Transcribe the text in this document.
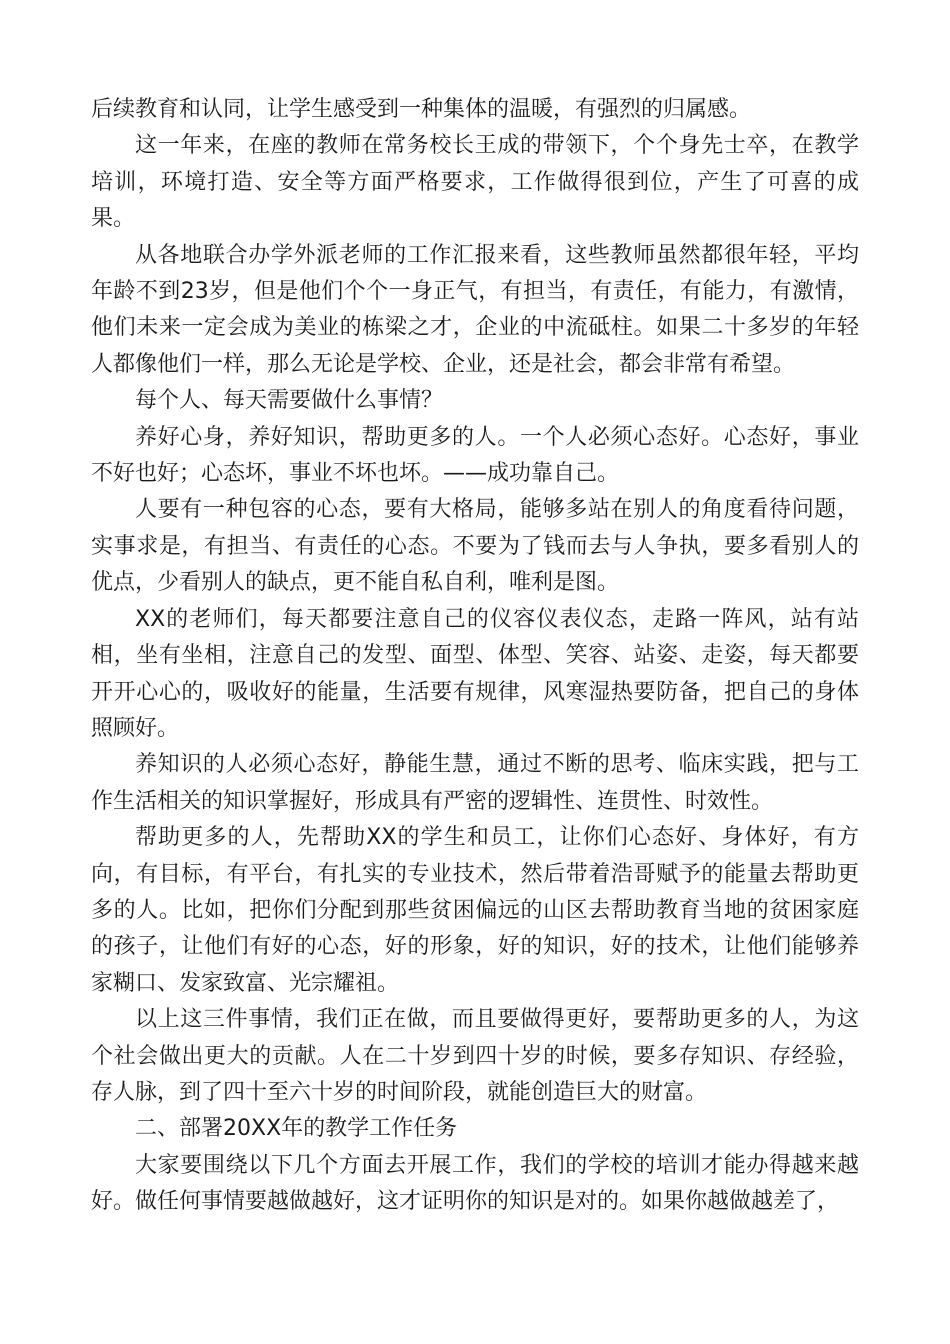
后续教育和认同，让学生感受到一种集体的温暖，有强烈的归属感。

这一年来，在座的教师在常务校长王成的带领下，个个身先士卒，在教学培训，环境打造、安全等方面严格要求，工作做得很到位，产生了可喜的成果。

从各地联合办学外派老师的工作汇报来看，这些教师虽然都很年轻，平均年龄不到23岁，但是他们个个一身正气，有担当，有责任，有能力，有激情，他们未来一定会成为美业的栋梁之才，企业的中流砥柱。如果二十多岁的年轻人都像他们一样，那么无论是学校、企业，还是社会，都会非常有希望。

每个人、每天需要做什么事情？

养好心身，养好知识，帮助更多的人。一个人必须心态好。心态好，事业不好也好；心态坏，事业不坏也坏。——成功靠自己。

人要有一种包容的心态，要有大格局，能够多站在别人的角度看待问题，实事求是，有担当、有责任的心态。不要为了钱而去与人争执，要多看别人的优点，少看别人的缺点，更不能自私自利，唯利是图。

XX的老师们，每天都要注意自己的仪容仪表仪态，走路一阵风，站有站相，坐有坐相，注意自己的发型、面型、体型、笑容、站姿、走姿，每天都要开开心心的，吸收好的能量，生活要有规律，风寒湿热要防备，把自己的身体照顾好。

养知识的人必须心态好，静能生慧，通过不断的思考、临床实践，把与工作生活相关的知识掌握好，形成具有严密的逻辑性、连贯性、时效性。

帮助更多的人，先帮助XX的学生和员工，让你们心态好、身体好，有方向，有目标，有平台，有扎实的专业技术，然后带着浩哥赋予的能量去帮助更多的人。比如，把你们分配到那些贫困偏远的山区去帮助教育当地的贫困家庭的孩子，让他们有好的心态，好的形象，好的知识，好的技术，让他们能够养家糊口、发家致富、光宗耀祖。

以上这三件事情，我们正在做，而且要做得更好，要帮助更多的人，为这个社会做出更大的贡献。人在二十岁到四十岁的时候，要多存知识、存经验，存人脉，到了四十至六十岁的时间阶段，就能创造巨大的财富。

二、部署20XX年的教学工作任务

大家要围绕以下几个方面去开展工作，我们的学校的培训才能办得越来越好。做任何事情要越做越好，这才证明你的知识是对的。如果你越做越差了，
